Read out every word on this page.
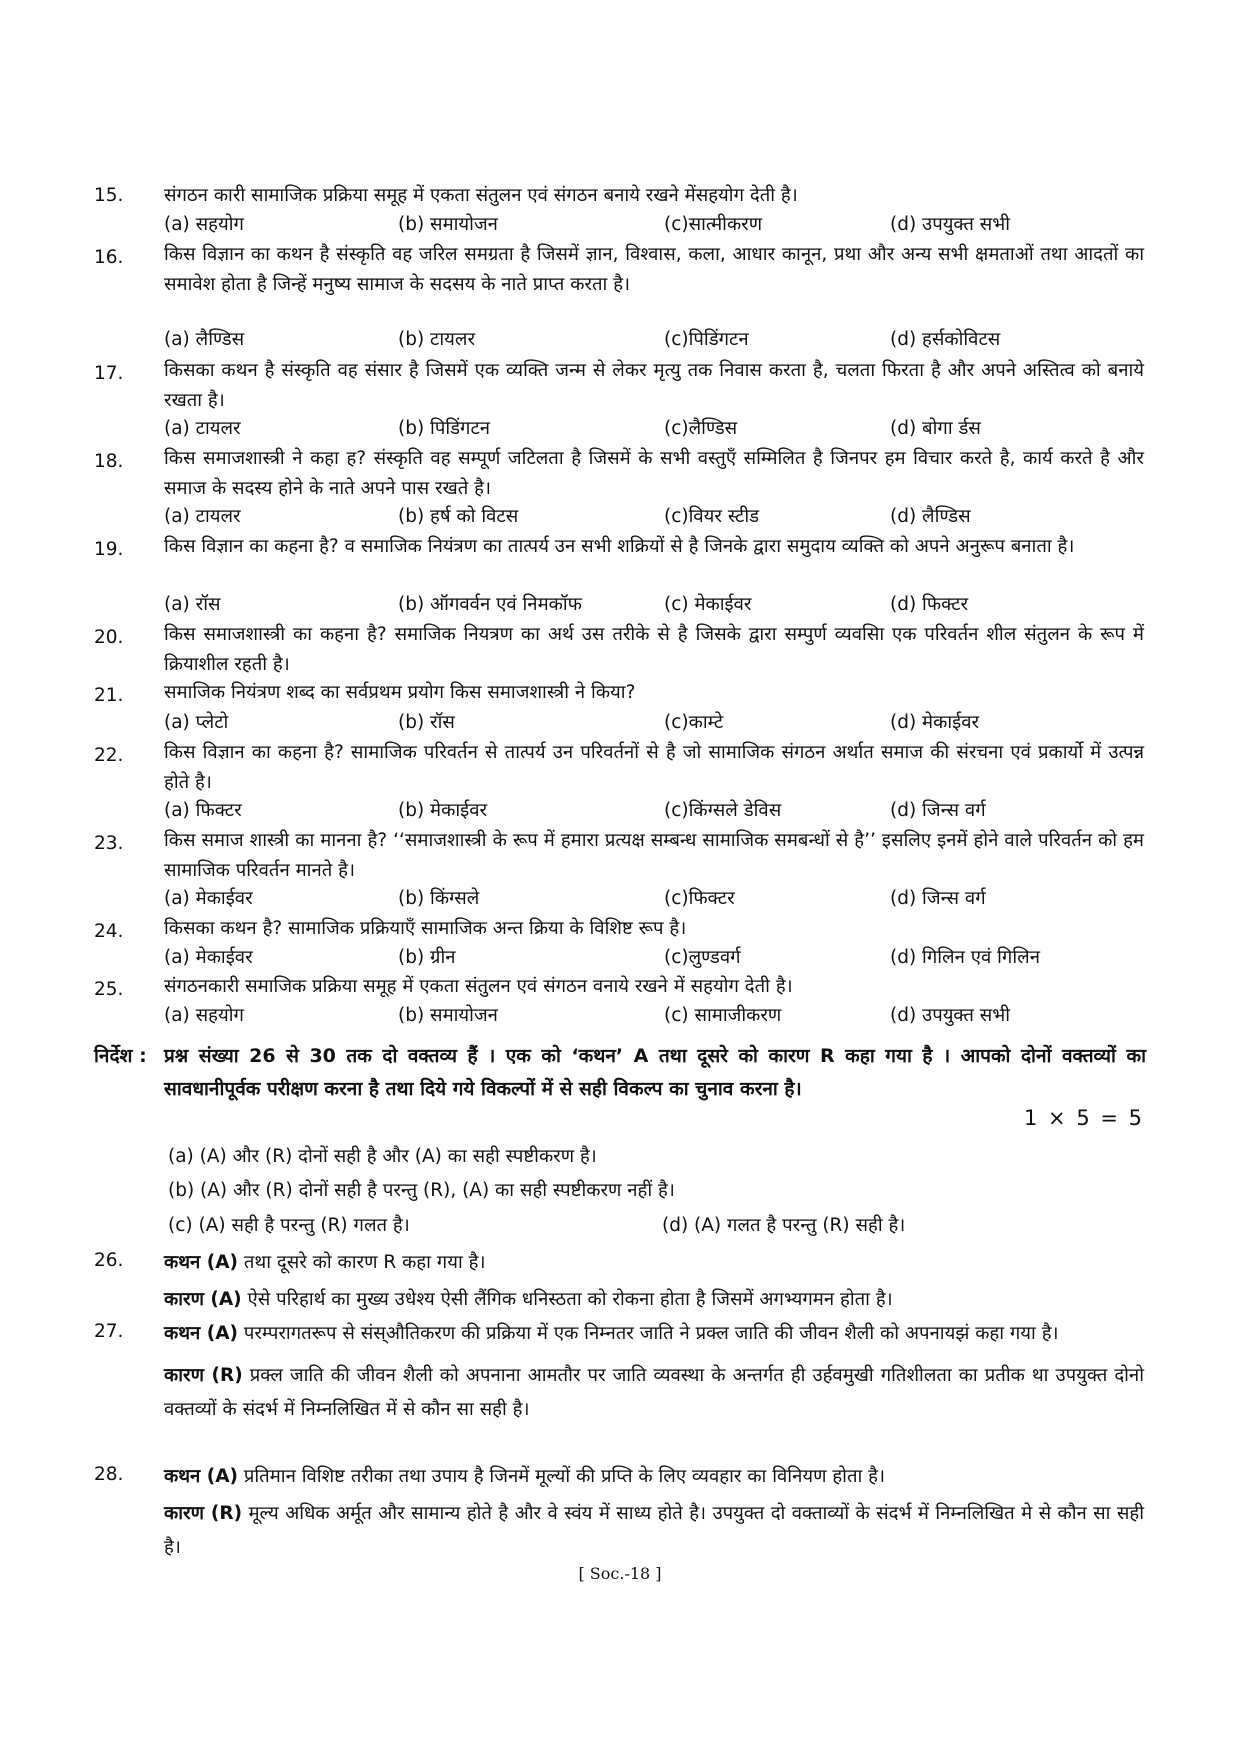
15.	संगठन कारी सामाजिक प्रक्रिया समूह में एकता संतुलन एवं संगठन बनाये रखने मेंसहयोग देती है।
(a) सहयोग	(b) समायोजन	(c)सात्मीकरण	(d) उपयुक्त सभी
16.	किस विज्ञान का कथन है संस्कृति वह जरिल समग्रता है जिसमें ज्ञान, विश्वास, कला, आधार कानून, प्रथा और अन्य सभी क्षमताओं तथा आदतों का समावेश होता है जिन्हें मनुष्य सामाज के सदसय के नाते प्राप्त करता है।
(a) लैण्डिस	(b) टायलर	(c)पिडिंगटन	(d) हर्सकोविटस
17.	किसका कथन है संस्कृति वह संसार है जिसमें एक व्यक्ति जन्म से लेकर मृत्यु तक निवास करता है, चलता फिरता है और अपने अस्तित्व को बनाये रखता है।
(a) टायलर	(b) पिडिंगटन	(c)लैण्डिस	(d) बोगा र्डस
18.	किस समाजशास्त्री ने कहा ह? संस्कृति वह सम्पूर्ण जटिलता है जिसमें के सभी वस्तुएँ सम्मिलित है जिनपर हम विचार करते है, कार्य करते है और समाज के सदस्य होने के नाते अपने पास रखते है।
(a) टायलर	(b) हर्ष को विटस	(c)वियर स्टीड	(d) लैण्डिस
19.	किस विज्ञान का कहना है? व समाजिक नियंत्रण का तात्पर्य उन सभी शक्रियों से है जिनके द्वारा समुदाय व्यक्ति को अपने अनुरूप बनाता है।
(a) रॉस	(b) ऑगवर्वन एवं निमकॉफ	(c) मेकाईवर	(d) फिक्टर
20.	किस समाजशास्त्री का कहना है? समाजिक नियत्रण का अर्थ उस तरीके से है जिसके द्वारा सम्पुर्ण व्यवसाि एक परिवर्तन शील संतुलन के रूप में क्रियाशील रहती है।
21.	समाजिक नियंत्रण शब्द का सर्वप्रथम प्रयोग किस समाजशास्त्री ने किया?
(a) प्लेटो	(b) रॉस	(c)काम्टे	(d) मेकाईवर
22.	किस विज्ञान का कहना है? सामाजिक परिवर्तन से तात्पर्य उन परिवर्तनों से है जो सामाजिक संगठन अर्थात समाज की संरचना एवं प्रकार्यो में उत्पन्न होते है।
(a) फिक्टर	(b) मेकाईवर	(c)किंग्सले डेविस	(d) जिन्स वर्ग
23.	किस समाज शास्त्री का मानना है? ‘‘समाजशास्त्री के रूप में हमारा प्रत्यक्ष सम्बन्ध सामाजिक समबन्धों से है’’ इसलिए इनमें होने वाले परिवर्तन को हम सामाजिक परिवर्तन मानते है।
(a) मेकाईवर	(b) किंग्सले	(c)फिक्टर	(d) जिन्स वर्ग
24.	किसका कथन है? सामाजिक प्रक्रियाएँ सामाजिक अन्त क्रिया के विशिष्ट रूप है।
(a) मेकाईवर	(b) ग्रीन	(c)लुण्डवर्ग	(d) गिलिन एवं गिलिन
25.	संगठनकारी समाजिक प्रक्रिया समूह में एकता संतुलन एवं संगठन वनाये रखने में सहयोग देती है।
(a) सहयोग	(b) समायोजन	(c) सामाजीकरण	(d) उपयुक्त सभी
निर्देश : प्रश्न संख्या 26 से 30 तक दो वक्तव्य हैं । एक को ‘कथन’ A तथा दूसरे को कारण R कहा गया है । आपको दोनों वक्तव्यों का सावधानीपूर्वक परीक्षण करना है तथा दिये गये विकल्पों में से सही विकल्प का चुनाव करना है।
1 × 5 = 5
(a) (A) और (R) दोनों सही है और (A) का सही स्पष्टीकरण है।
(b) (A) और (R) दोनों सही है परन्तु (R), (A) का सही स्पष्टीकरण नहीं है।
(c) (A) सही है परन्तु (R) गलत है।	(d) (A) गलत है परन्तु (R) सही है।
26.	कथन (A) तथा दूसरे को कारण R कहा गया है।
कारण (A) ऐसे परिहार्थ का मुख्य उधेश्य ऐसी लैंगिक धनिस्ठता को रोकना होता है जिसमें अगभ्यगमन होता है।
27.	कथन (A) परम्परागतरूप से संस्औतिकरण की प्रक्रिया में एक निम्नतर जाति ने प्रक्ल जाति की जीवन शैली को अपनायझं कहा गया है।
कारण (R) प्रक्ल जाति की जीवन शैली को अपनाना आमतौर पर जाति व्यवस्था के अन्तर्गत ही उर्हवमुखी गतिशीलता का प्रतीक था उपयुक्त दोनो वक्तव्यों के संदर्भ में निम्नलिखित में से कौन सा सही है।
28.	कथन (A) प्रतिमान विशिष्ट तरीका तथा उपाय है जिनमें मूल्यों की प्रप्ति के लिए व्यवहार का विनियण होता है।
कारण (R) मूल्य अधिक अर्मूत और सामान्य होते है और वे स्वंय में साध्य होते है। उपयुक्त दो वक्ताव्यों के संदर्भ में निम्नलिखित मे से कौन सा सही है।
[ Soc.-18 ]
